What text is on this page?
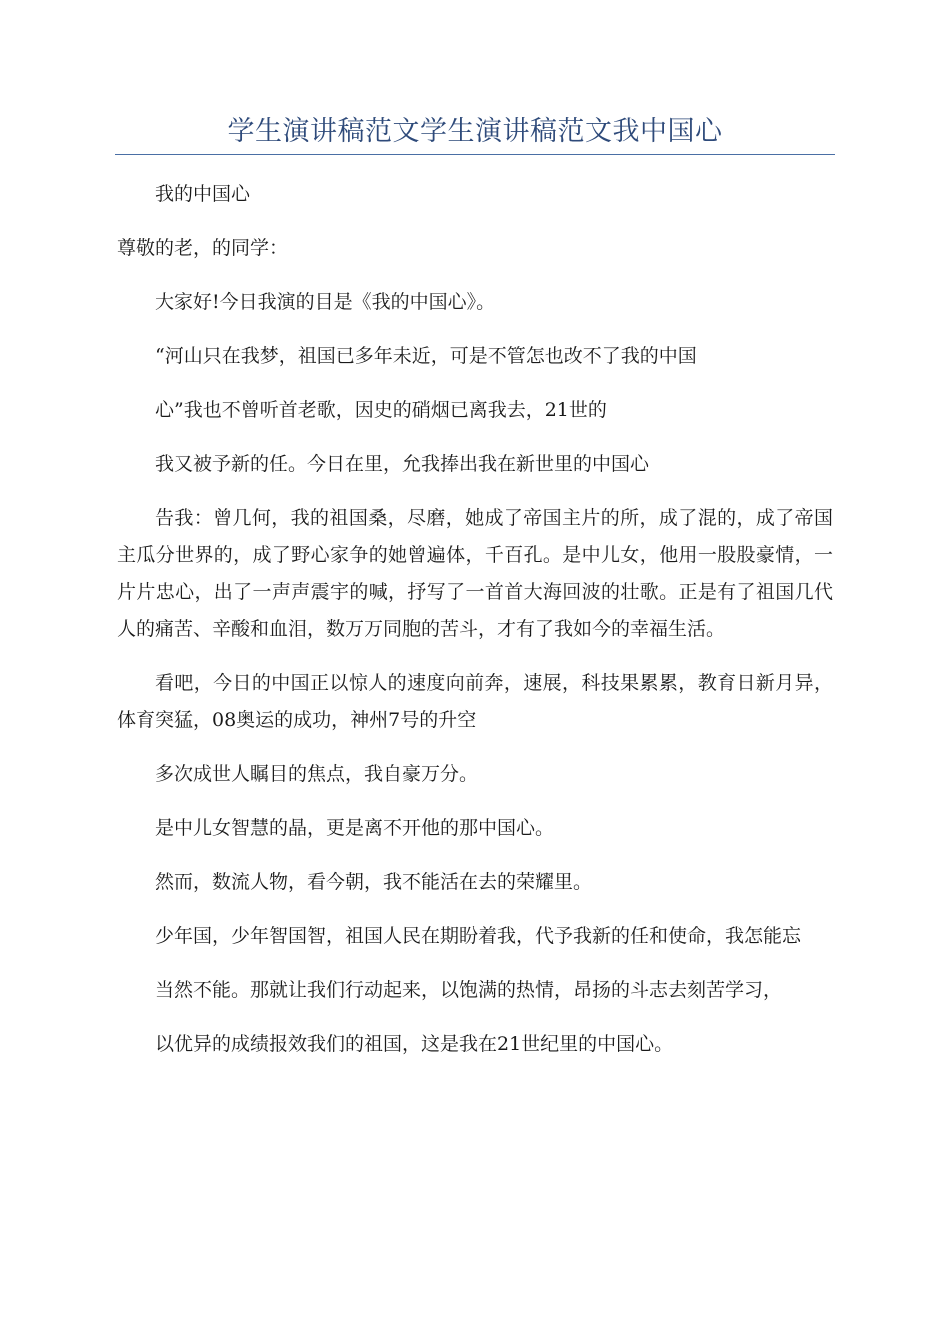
学生演讲稿范文学生演讲稿范文我中国心

我的中国心

尊敬的老，的同学：

大家好!今日我演的目是《我的中国心》。

“河山只在我梦，祖国已多年未近，可是不管怎也改不了我的中国

心”我也不曾听首老歌，因史的硝烟已离我去，21世的

我又被予新的任。今日在里，允我捧出我在新世里的中国心

告我：曾几何，我的祖国桑，尽磨，她成了帝国主片的所，成了混的，成了帝国主瓜分世界的，成了野心家争的她曾遍体，千百孔。是中儿女，他用一股股豪情，一片片忠心，出了一声声震宇的喊，抒写了一首首大海回波的壮歌。正是有了祖国几代人的痛苦、辛酸和血泪，数万万同胞的苦斗，才有了我如今的幸福生活。

看吧，今日的中国正以惊人的速度向前奔，速展，科技果累累，教育日新月异，体育突猛，08奥运的成功，神州7号的升空

多次成世人瞩目的焦点，我自豪万分。

是中儿女智慧的晶，更是离不开他的那中国心。

然而，数流人物，看今朝，我不能活在去的荣耀里。

少年国，少年智国智，祖国人民在期盼着我，代予我新的任和使命，我怎能忘

当然不能。那就让我们行动起来，以饱满的热情，昂扬的斗志去刻苦学习，

以优异的成绩报效我们的祖国，这是我在21世纪里的中国心。
